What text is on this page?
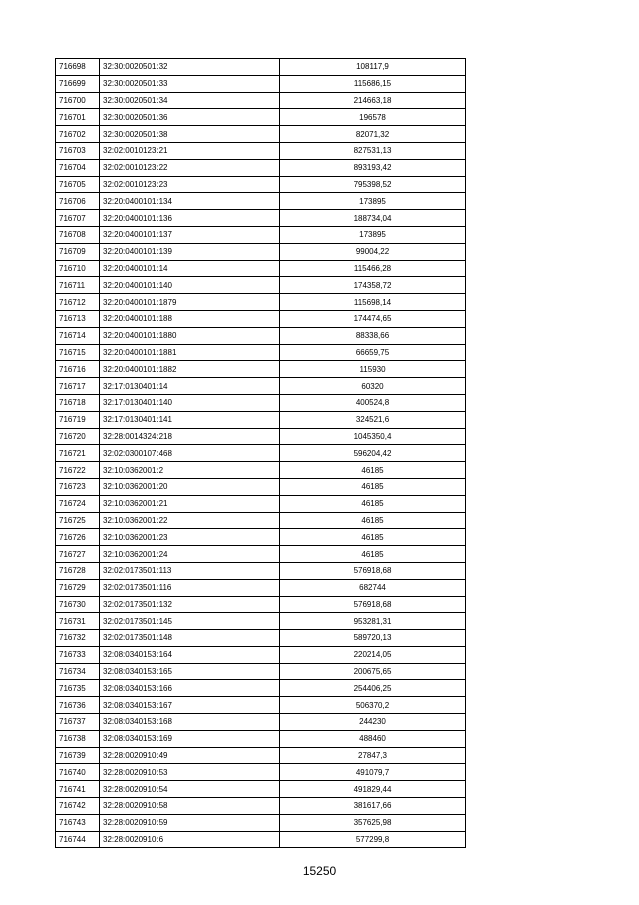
716698	32:30:0020501:32	108117,9
716699	32:30:0020501:33	115686,15
716700	32:30:0020501:34	214663,18
716701	32:30:0020501:36	196578
716702	32:30:0020501:38	82071,32
716703	32:02:0010123:21	827531,13
716704	32:02:0010123:22	893193,42
716705	32:02:0010123:23	795398,52
716706	32:20:0400101:134	173895
716707	32:20:0400101:136	188734,04
716708	32:20:0400101:137	173895
716709	32:20:0400101:139	99004,22
716710	32:20:0400101:14	115466,28
716711	32:20:0400101:140	174358,72
716712	32:20:0400101:1879	115698,14
716713	32:20:0400101:188	174474,65
716714	32:20:0400101:1880	88338,66
716715	32:20:0400101:1881	66659,75
716716	32:20:0400101:1882	115930
716717	32:17:0130401:14	60320
716718	32:17:0130401:140	400524,8
716719	32:17:0130401:141	324521,6
716720	32:28:0014324:218	1045350,4
716721	32:02:0300107:468	596204,42
716722	32:10:0362001:2	46185
716723	32:10:0362001:20	46185
716724	32:10:0362001:21	46185
716725	32:10:0362001:22	46185
716726	32:10:0362001:23	46185
716727	32:10:0362001:24	46185
716728	32:02:0173501:113	576918,68
716729	32:02:0173501:116	682744
716730	32:02:0173501:132	576918,68
716731	32:02:0173501:145	953281,31
716732	32:02:0173501:148	589720,13
716733	32:08:0340153:164	220214,05
716734	32:08:0340153:165	200675,65
716735	32:08:0340153:166	254406,25
716736	32:08:0340153:167	506370,2
716737	32:08:0340153:168	244230
716738	32:08:0340153:169	488460
716739	32:28:0020910:49	27847,3
716740	32:28:0020910:53	491079,7
716741	32:28:0020910:54	491829,44
716742	32:28:0020910:58	381617,66
716743	32:28:0020910:59	357625,98
716744	32:28:0020910:6	577299,8
15250
